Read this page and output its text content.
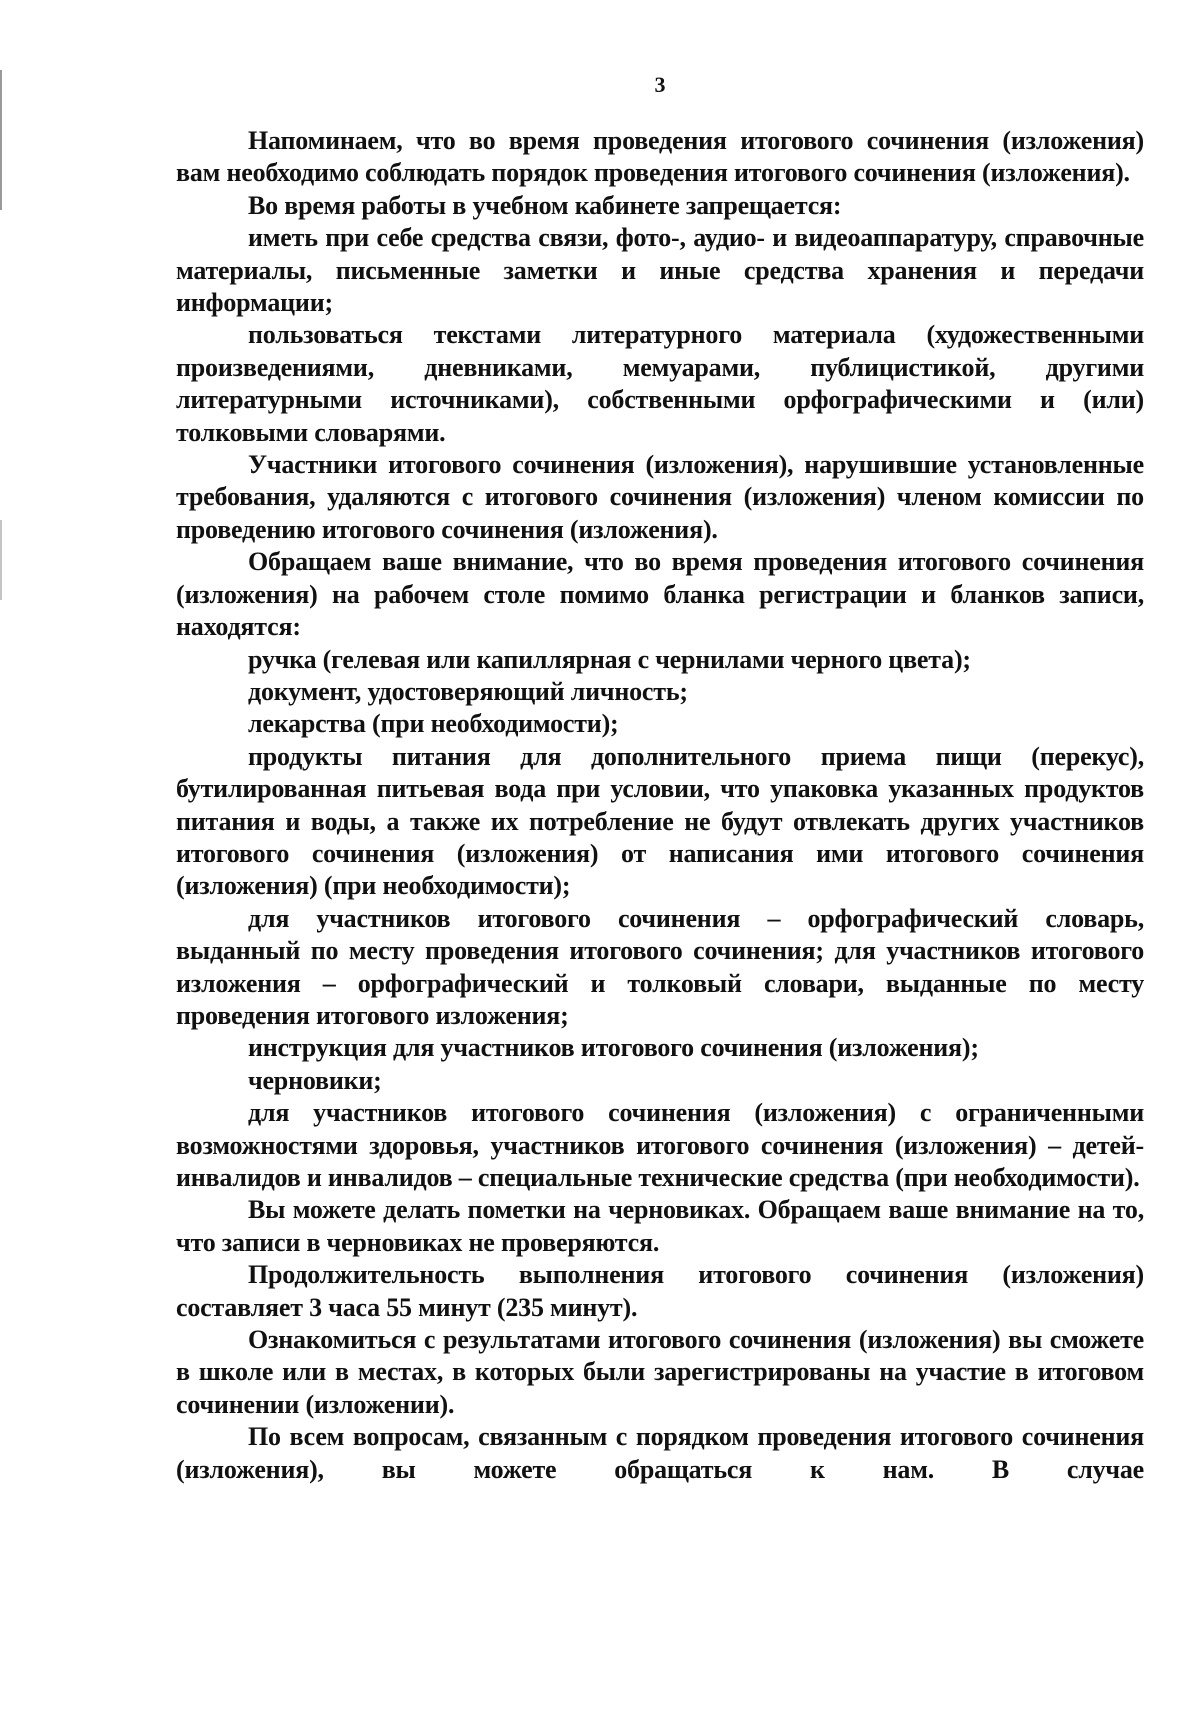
3

Напоминаем, что во время проведения итогового сочинения (изложения) вам необходимо соблюдать порядок проведения итогового сочинения (изложения).

Во время работы в учебном кабинете запрещается:

иметь при себе средства связи, фото-, аудио- и видеоаппаратуру, справочные материалы, письменные заметки и иные средства хранения и передачи информации;

пользоваться текстами литературного материала (художественными произведениями, дневниками, мемуарами, публицистикой, другими литературными источниками), собственными орфографическими и (или) толковыми словарями.

Участники итогового сочинения (изложения), нарушившие установленные требования, удаляются с итогового сочинения (изложения) членом комиссии по проведению итогового сочинения (изложения).

Обращаем ваше внимание, что во время проведения итогового сочинения (изложения) на рабочем столе помимо бланка регистрации и бланков записи, находятся:

ручка (гелевая или капиллярная с чернилами черного цвета);

документ, удостоверяющий личность;

лекарства (при необходимости);

продукты питания для дополнительного приема пищи (перекус), бутилированная питьевая вода при условии, что упаковка указанных продуктов питания и воды, а также их потребление не будут отвлекать других участников итогового сочинения (изложения) от написания ими итогового сочинения (изложения) (при необходимости);

для участников итогового сочинения – орфографический словарь, выданный по месту проведения итогового сочинения; для участников итогового изложения – орфографический и толковый словари, выданные по месту проведения итогового изложения;

инструкция для участников итогового сочинения (изложения);

черновики;

для участников итогового сочинения (изложения) с ограниченными возможностями здоровья, участников итогового сочинения (изложения) – детей-инвалидов и инвалидов – специальные технические средства (при необходимости).

Вы можете делать пометки на черновиках. Обращаем ваше внимание на то, что записи в черновиках не проверяются.

Продолжительность выполнения итогового сочинения (изложения) составляет 3 часа 55 минут (235 минут).

Ознакомиться с результатами итогового сочинения (изложения) вы сможете в школе или в местах, в которых были зарегистрированы на участие в итоговом сочинении (изложении).

По всем вопросам, связанным с порядком проведения итогового сочинения (изложения), вы можете обращаться к нам. В случае
